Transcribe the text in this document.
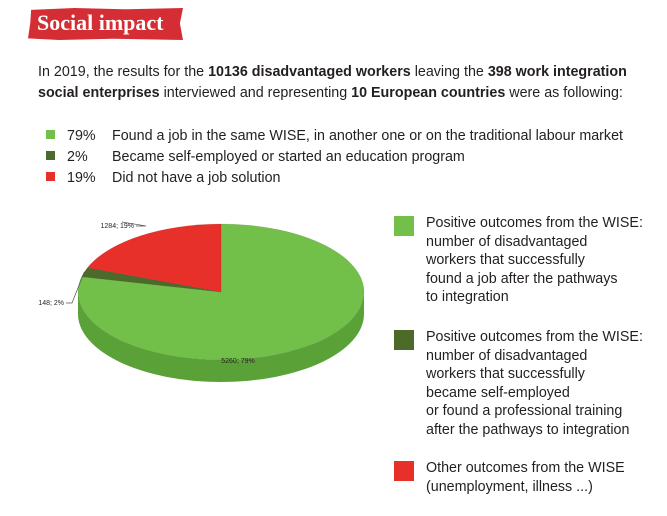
Social impact

In 2019, the results for the 10136 disadvantaged workers leaving the 398 work integration social enterprises interviewed and representing 10 European countries were as following:

79% Found a job in the same WISE, in another one or on the traditional labour market
2% Became self-employed or started an education program
19% Did not have a job solution
5260; 79%
1284; 19%
148; 2%
Positive outcomes from the WISE:
number of disadvantaged
workers that successfully
found a job after the pathways
to integration
Positive outcomes from the WISE:
number of disadvantaged
workers that successfully
became self-employed
or found a professional training
after the pathways to integration
Other outcomes from the WISE
(unemployment, illness ...)
